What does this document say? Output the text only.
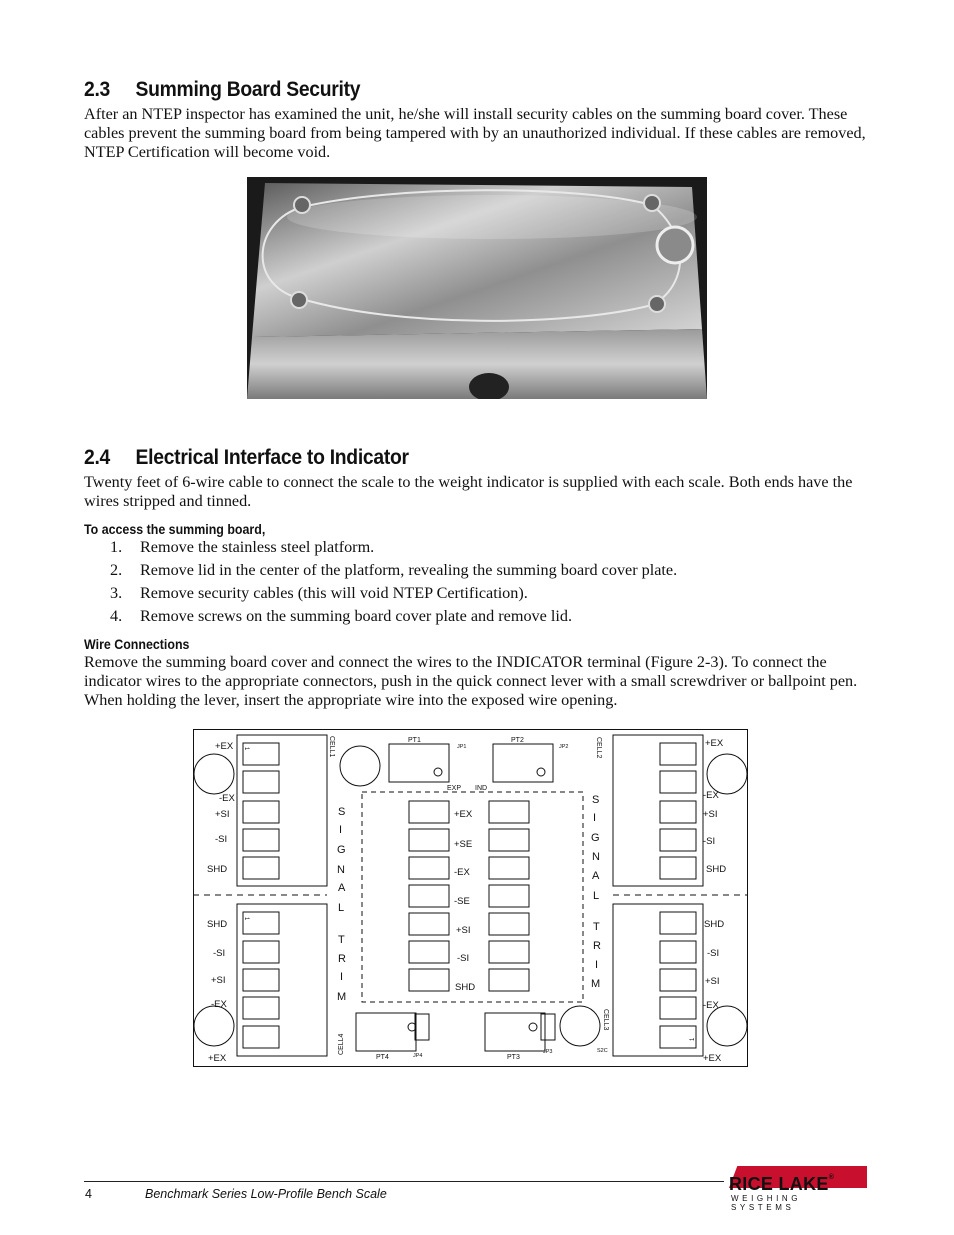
2.3 Summing Board Security
After an NTEP inspector has examined the unit, he/she will install security cables on the summing board cover. These cables prevent the summing board from being tampered with by an unauthorized individual. If these cables are removed, NTEP Certification will become void.
2.4 Electrical Interface to Indicator
Twenty feet of 6-wire cable to connect the scale to the weight indicator is supplied with each scale. Both ends have the wires stripped and tinned.
To access the summing board,
1. Remove the stainless steel platform.
2. Remove lid in the center of the platform, revealing the summing board cover plate.
3. Remove security cables (this will void NTEP Certification).
4. Remove screws on the summing board cover plate and remove lid.
Wire Connections
Remove the summing board cover and connect the wires to the INDICATOR terminal (Figure 2-3). To connect the indicator wires to the appropriate connectors, push in the quick connect lever with a small screwdriver or ballpoint pen. When holding the lever, insert the appropriate wire into the exposed wire opening.
+EX
-EX
+SI
-SI
SHD
SHD
-SI
+SI
-EX
+EX
+EX
-EX
+SI
-SI
SHD
SHD
-SI
+SI
-EX
+EX
+EX
+SE
-EX
-SE
+SI
-SI
SHD
S
I
G
N
A
L
T
R
I
M
S
I
G
N
A
L
T
R
I
M
PT1	PT2
PT4	PT3
JP1	JP2
JP4
JP3
EXP IND
S2C
CELL1	CELL2
CELL3
CELL4
1
1
1
4	Benchmark Series Low-Profile Bench Scale	RICE LAKE®
WEIGHING SYSTEMS
